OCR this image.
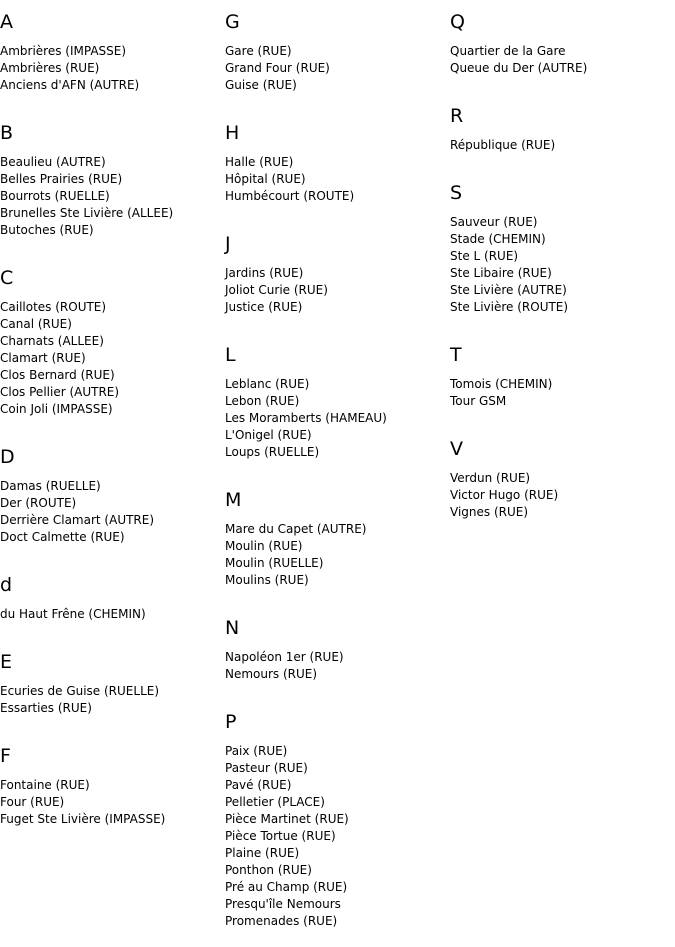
A
Ambrières (IMPASSE)
Ambrières (RUE)
Anciens d'AFN (AUTRE)
B
Beaulieu (AUTRE)
Belles Prairies (RUE)
Bourrots (RUELLE)
Brunelles Ste Livière (ALLEE)
Butoches (RUE)
C
Caillotes (ROUTE)
Canal (RUE)
Charnats (ALLEE)
Clamart (RUE)
Clos Bernard (RUE)
Clos Pellier (AUTRE)
Coin Joli (IMPASSE)
D
Damas (RUELLE)
Der (ROUTE)
Derrière Clamart (AUTRE)
Doct Calmette (RUE)
d
du Haut Frêne (CHEMIN)
E
Ecuries de Guise (RUELLE)
Essarties (RUE)
F
Fontaine (RUE)
Four (RUE)
Fuget Ste Livière (IMPASSE)
G
Gare (RUE)
Grand Four (RUE)
Guise (RUE)
H
Halle (RUE)
Hôpital (RUE)
Humbécourt (ROUTE)
J
Jardins (RUE)
Joliot Curie (RUE)
Justice (RUE)
L
Leblanc (RUE)
Lebon (RUE)
Les Moramberts (HAMEAU)
L'Onigel (RUE)
Loups (RUELLE)
M
Mare du Capet (AUTRE)
Moulin (RUE)
Moulin (RUELLE)
Moulins (RUE)
N
Napoléon 1er (RUE)
Nemours (RUE)
P
Paix (RUE)
Pasteur (RUE)
Pavé (RUE)
Pelletier (PLACE)
Pièce Martinet (RUE)
Pièce Tortue (RUE)
Plaine (RUE)
Ponthon (RUE)
Pré au Champ (RUE)
Presqu'île Nemours
Promenades (RUE)
Q
Quartier de la Gare
Queue du Der (AUTRE)
R
République (RUE)
S
Sauveur (RUE)
Stade (CHEMIN)
Ste L (RUE)
Ste Libaire (RUE)
Ste Livière (AUTRE)
Ste Livière (ROUTE)
T
Tomois (CHEMIN)
Tour GSM
V
Verdun (RUE)
Victor Hugo (RUE)
Vignes (RUE)
